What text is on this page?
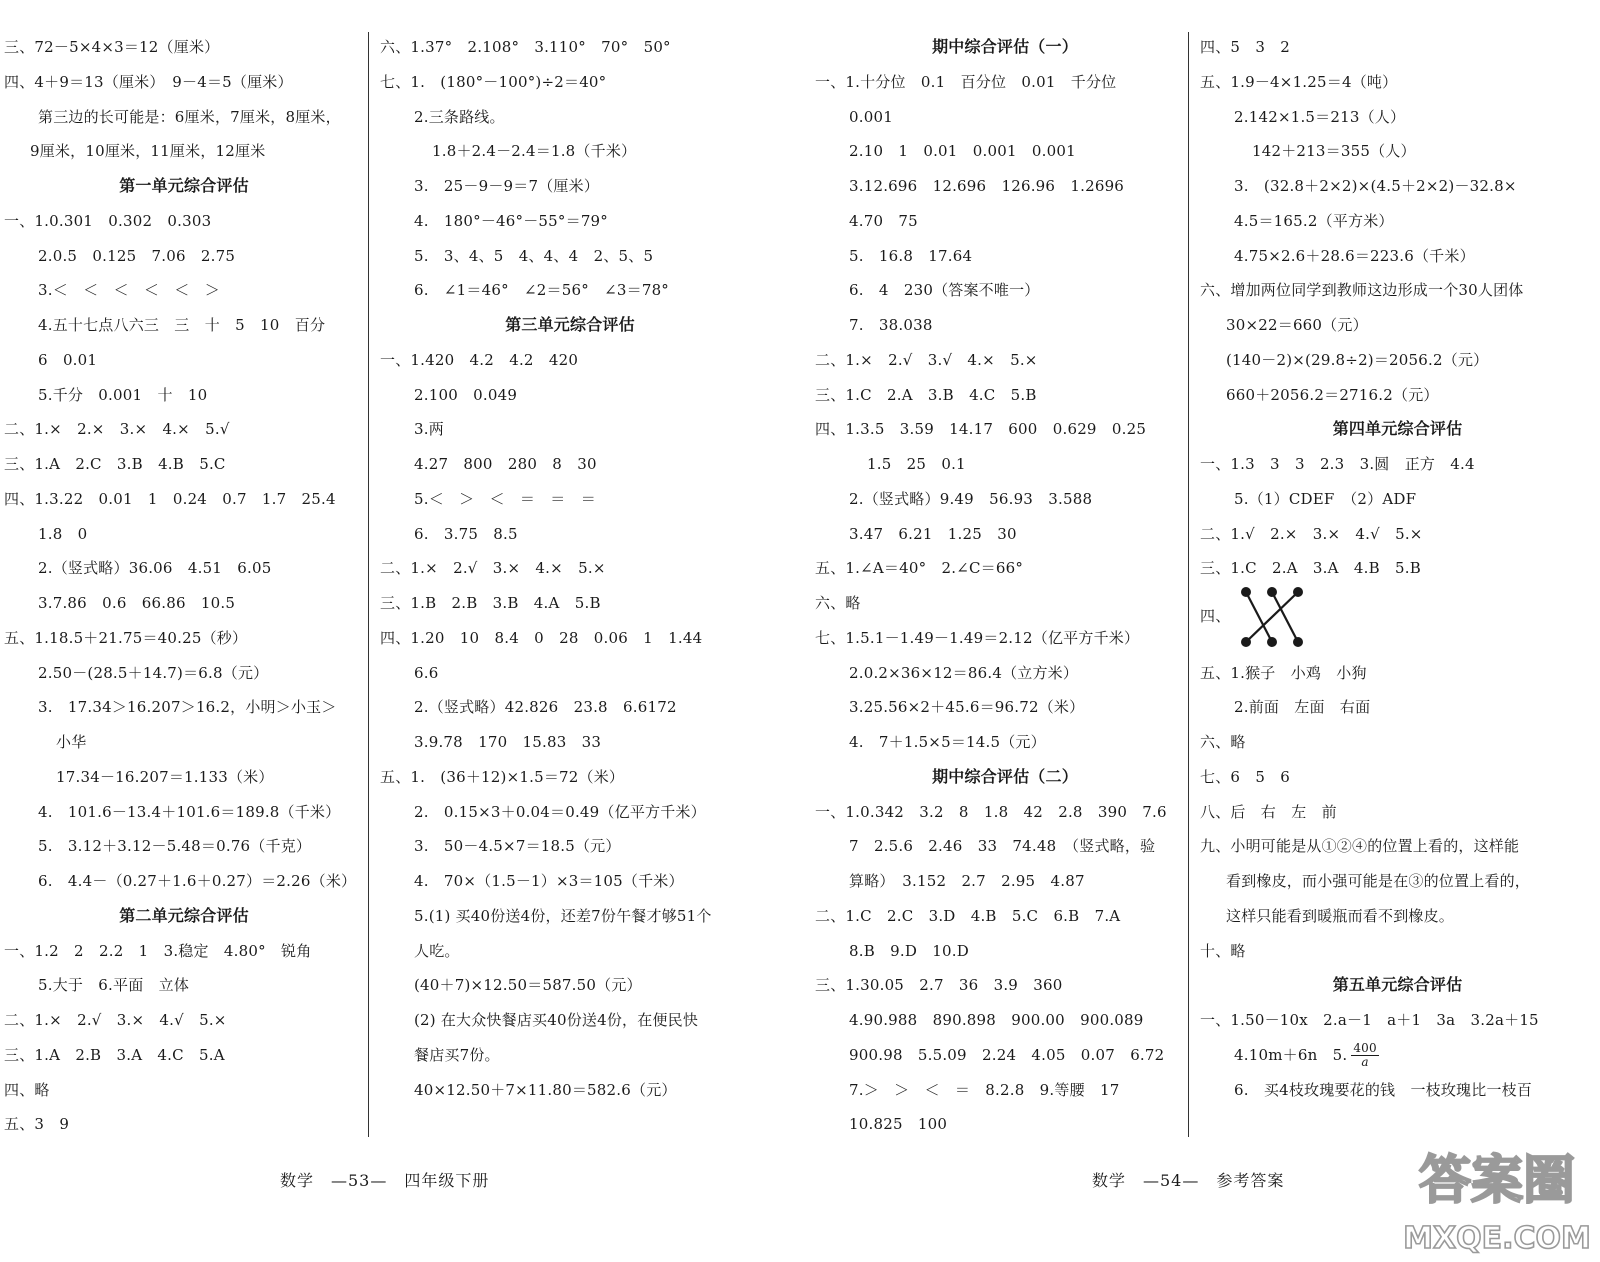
三、72－5×4×3＝12（厘米）
四、4＋9＝13（厘米）　9－4＝5（厘米）
第三边的长可能是：6厘米，7厘米，8厘米，
9厘米，10厘米，11厘米，12厘米
第一单元综合评估
一、1.0.301　0.302　0.303
2.0.5　0.125　7.06　2.75
3.＜　＜　＜　＜　＜　＞
4.五十七点八六三　三　十　5　10　百分
6　0.01
5.千分　0.001　十　10
二、1.×　2.×　3.×　4.×　5.√
三、1.A　2.C　3.B　4.B　5.C
四、1.3.22　0.01　1　0.24　0.7　1.7　25.4
1.8　0
2.（竖式略）36.06　4.51　6.05
3.7.86　0.6　66.86　10.5
五、1.18.5＋21.75＝40.25（秒）
2.50－(28.5＋14.7)＝6.8（元）
3.　17.34＞16.207＞16.2，小明＞小玉＞
小华
17.34－16.207＝1.133（米）
4.　101.6－13.4＋101.6＝189.8（千米）
5.　3.12＋3.12－5.48＝0.76（千克）
6.　4.4－（0.27＋1.6＋0.27）＝2.26（米）
第二单元综合评估
一、1.2　2　2.2　1　3.稳定　4.80°　锐角
5.大于　6.平面　立体
二、1.×　2.√　3.×　4.√　5.×
三、1.A　2.B　3.A　4.C　5.A
四、略
五、3　9
六、1.37°　2.108°　3.110°　70°　50°
七、1.　(180°－100°)÷2＝40°
2.三条路线。
1.8＋2.4－2.4＝1.8（千米）
3.　25－9－9＝7（厘米）
4.　180°－46°－55°＝79°
5.　3、4、5　4、4、4　2、5、5
6.　∠1＝46°　∠2＝56°　∠3＝78°
第三单元综合评估
一、1.420　4.2　4.2　420
2.100　0.049
3.两
4.27　800　280　8　30
5.＜　＞　＜　＝　＝　＝
6.　3.75　8.5
二、1.×　2.√　3.×　4.×　5.×
三、1.B　2.B　3.B　4.A　5.B
四、1.20　10　8.4　0　28　0.06　1　1.44
6.6
2.（竖式略）42.826　23.8　6.6172
3.9.78　170　15.83　33
五、1.　(36＋12)×1.5＝72（米）
2.　0.15×3＋0.04＝0.49（亿平方千米）
3.　50－4.5×7＝18.5（元）
4.　70×（1.5－1）×3＝105（千米）
5.(1) 买40份送4份，还差7份午餐才够51个
人吃。
(40＋7)×12.50＝587.50（元）
(2) 在大众快餐店买40份送4份，在便民快
餐店买7份。
40×12.50＋7×11.80＝582.6（元）
期中综合评估（一）
一、1.十分位　0.1　百分位　0.01　千分位
0.001
2.10　1　0.01　0.001　0.001
3.12.696　12.696　126.96　1.2696
4.70　75
5.　16.8　17.64
6.　4　230（答案不唯一）
7.　38.038
二、1.×　2.√　3.√　4.×　5.×
三、1.C　2.A　3.B　4.C　5.B
四、1.3.5　3.59　14.17　600　0.629　0.25
1.5　25　0.1
2.（竖式略）9.49　56.93　3.588
3.47　6.21　1.25　30
五、1.∠A＝40°　2.∠C＝66°
六、略
七、1.5.1－1.49－1.49＝2.12（亿平方千米）
2.0.2×36×12＝86.4（立方米）
3.25.56×2＋45.6＝96.72（米）
4.　7＋1.5×5＝14.5（元）
期中综合评估（二）
一、1.0.342　3.2　8　1.8　42　2.8　390　7.6
7　2.5.6　2.46　33　74.48　（竖式略，验
算略）　3.152　2.7　2.95　4.87
二、1.C　2.C　3.D　4.B　5.C　6.B　7.A
8.B　9.D　10.D
三、1.30.05　2.7　36　3.9　360
4.90.988　890.898　900.00　900.089
900.98　5.5.09　2.24　4.05　0.07　6.72
7.＞　＞　＜　＝　8.2.8　9.等腰　17
10.825　100
四、5　3　2
五、1.9－4×1.25＝4（吨）
2.142×1.5＝213（人）
142＋213＝355（人）
3.　(32.8＋2×2)×(4.5＋2×2)－32.8×
4.5＝165.2（平方米）
4.75×2.6＋28.6＝223.6（千米）
六、增加两位同学到教师这边形成一个30人团体
30×22＝660（元）
(140－2)×(29.8÷2)＝2056.2（元）
660＋2056.2＝2716.2（元）
第四单元综合评估
一、1.3　3　3　2.3　3.圆　正方　4.4
5.（1）CDEF　（2）ADF
二、1.√　2.×　3.×　4.√　5.×
三、1.C　2.A　3.A　4.B　5.B
四、
五、1.猴子　小鸡　小狗
2.前面　左面　右面
六、略
七、6　5　6
八、后　右　左　前
九、小明可能是从①②④的位置上看的，这样能
看到橡皮，而小强可能是在③的位置上看的，
这样只能看到暖瓶而看不到橡皮。
十、略
第五单元综合评估
一、1.50－10x　2.a－1　a＋1　3a　3.2a＋15
4.10m＋6n　5. $\frac{400}{a}$
6.　买4枝玫瑰要花的钱　一枝玫瑰比一枝百
数学　—53—　四年级下册	数学　—54—　参考答案	答案圈
MXQE.COM
